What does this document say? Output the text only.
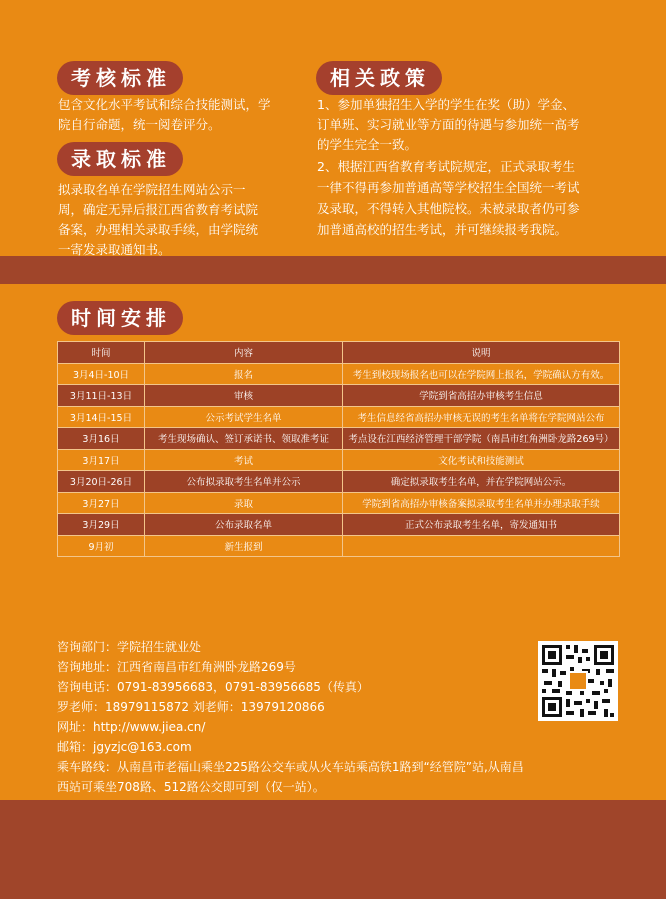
考核标准

包含文化水平考试和综合技能测试，学

院自行命题，统一阅卷评分。

相关政策

1、参加单独招生入学的学生在奖（助）学金、

订单班、实习就业等方面的待遇与参加统一高考

的学生完全一致。

2、根据江西省教育考试院规定，正式录取考生

一律不得再参加普通高等学校招生全国统一考试

及录取，不得转入其他院校。未被录取者仍可参

加普通高校的招生考试，并可继续报考我院。

录取标准

拟录取名单在学院招生网站公示一

周，确定无异后报江西省教育考试院

备案，办理相关录取手续，由学院统

一寄发录取通知书。

时间安排
时间	内容	说明
3月4日-10日	报名	考生到校现场报名也可以在学院网上报名，学院确认方有效。
3月11日-13日	审核	学院到省高招办审核考生信息
3月14日-15日	公示考试学生名单	考生信息经省高招办审核无误的考生名单将在学院网站公布
3月16日	考生现场确认、签订承诺书、领取准考证	考点设在江西经济管理干部学院（南昌市红角洲卧龙路269号）
3月17日	考试	文化考试和技能测试
3月20日-26日	公布拟录取考生名单并公示	确定拟录取考生名单，并在学院网站公示。
3月27日	录取	学院到省高招办审核备案拟录取考生名单并办理录取手续
3月29日	公布录取名单	正式公布录取考生名单，寄发通知书
9月初	新生报到	
咨询部门：学院招生就业处
咨询地址：江西省南昌市红角洲卧龙路269号
咨询电话：0791-83956683，0791-83956685（传真）
罗老师：18979115872 刘老师：13979120866
网址：http://www.jiea.cn/
邮箱：jgyzjc@163.com
乘车路线：从南昌市老福山乘坐225路公交车或从火车站乘高铁1路到“经管院”站,从南昌
西站可乘坐708路、512路公交即可到（仅一站）。
